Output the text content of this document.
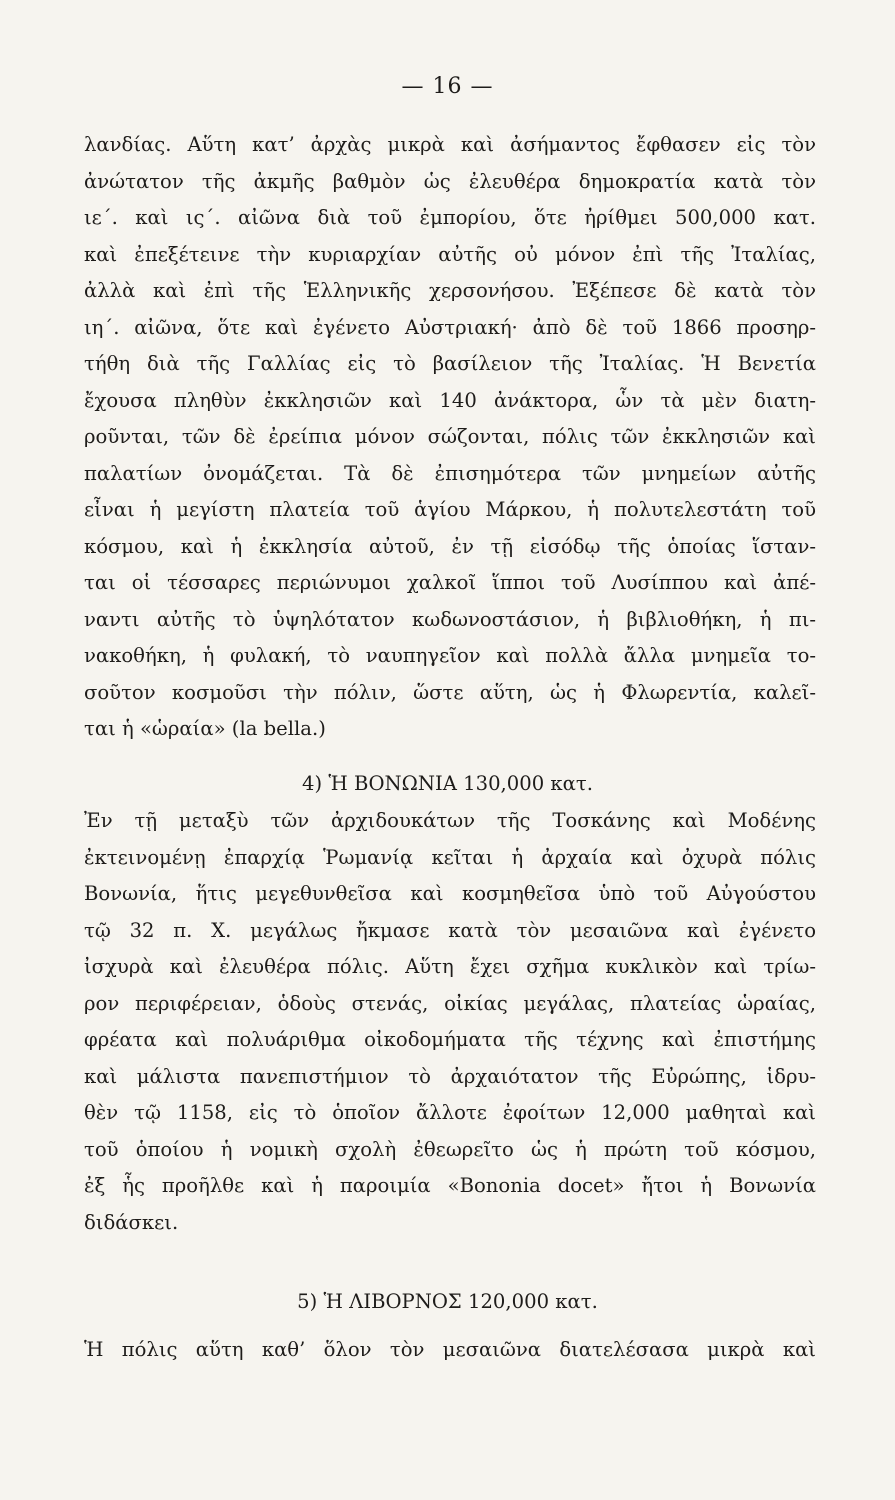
— 16 —
λανδίας. Αὕτη κατ’ ἀρχὰς μικρὰ καὶ ἀσήμαντος ἔφθασεν εἰς τὸν
ἀνώτατον τῆς ἀκμῆς βαθμὸν ὡς ἐλευθέρα δημοκρατία κατὰ τὸν
ιε΄. καὶ ις΄. αἰῶνα διὰ τοῦ ἐμπορίου, ὅτε ἠρίθμει 500,000 κατ.
καὶ ἐπεξέτεινε τὴν κυριαρχίαν αὐτῆς οὐ μόνον ἐπὶ τῆς Ἰταλίας,
ἀλλὰ καὶ ἐπὶ τῆς Ἑλληνικῆς χερσονήσου. Ἐξέπεσε δὲ κατὰ τὸν
ιη΄. αἰῶνα, ὅτε καὶ ἐγένετο Αὐστριακή· ἀπὸ δὲ τοῦ 1866 προσηρ-
τήθη διὰ τῆς Γαλλίας εἰς τὸ βασίλειον τῆς Ἰταλίας. Ἡ Βενετία
ἔχουσα πληθὺν ἐκκλησιῶν καὶ 140 ἀνάκτορα, ὧν τὰ μὲν διατη-
ροῦνται, τῶν δὲ ἐρείπια μόνον σώζονται, πόλις τῶν ἐκκλησιῶν καὶ
παλατίων ὀνομάζεται. Τὰ δὲ ἐπισημότερα τῶν μνημείων αὐτῆς
εἶναι ἡ μεγίστη πλατεία τοῦ ἁγίου Μάρκου, ἡ πολυτελεστάτη τοῦ
κόσμου, καὶ ἡ ἐκκλησία αὐτοῦ, ἐν τῇ εἰσόδῳ τῆς ὁποίας ἵσταν-
ται οἱ τέσσαρες περιώνυμοι χαλκοῖ ἵπποι τοῦ Λυσίππου καὶ ἀπέ-
ναντι αὐτῆς τὸ ὑψηλότατον κωδωνοστάσιον, ἡ βιβλιοθήκη, ἡ πι-
νακοθήκη, ἡ φυλακή, τὸ ναυπηγεῖον καὶ πολλὰ ἄλλα μνημεῖα το-
σοῦτον κοσμοῦσι τὴν πόλιν, ὥστε αὕτη, ὡς ἡ Φλωρεντία, καλεῖ-
ται ἡ «ὡραία» (la bella.)
4) Ἡ ΒΟΝΩΝΙΑ 130,000 κατ.
Ἐν τῇ μεταξὺ τῶν ἀρχιδουκάτων τῆς Τοσκάνης καὶ Μοδένης
ἐκτεινομένῃ ἐπαρχίᾳ Ῥωμανίᾳ κεῖται ἡ ἀρχαία καὶ ὀχυρὰ πόλις
Βονωνία, ἥτις μεγεθυνθεῖσα καὶ κοσμηθεῖσα ὑπὸ τοῦ Αὐγούστου
τῷ 32 π. Χ. μεγάλως ἤκμασε κατὰ τὸν μεσαιῶνα καὶ ἐγένετο
ἰσχυρὰ καὶ ἐλευθέρα πόλις. Αὕτη ἔχει σχῆμα κυκλικὸν καὶ τρίω-
ρον περιφέρειαν, ὁδοὺς στενάς, οἰκίας μεγάλας, πλατείας ὡραίας,
φρέατα καὶ πολυάριθμα οἰκοδομήματα τῆς τέχνης καὶ ἐπιστήμης
καὶ μάλιστα πανεπιστήμιον τὸ ἀρχαιότατον τῆς Εὐρώπης, ἱδρυ-
θὲν τῷ 1158, εἰς τὸ ὁποῖον ἄλλοτε ἐφοίτων 12,000 μαθηταὶ καὶ
τοῦ ὁποίου ἡ νομικὴ σχολὴ ἐθεωρεῖτο ὡς ἡ πρώτη τοῦ κόσμου,
ἐξ ἧς προῆλθε καὶ ἡ παροιμία «Bononia docet» ἤτοι ἡ Βονωνία
διδάσκει.
5) Ἡ ΛΙΒΟΡΝΟΣ 120,000 κατ.
Ἡ πόλις αὕτη καθ’ ὅλον τὸν μεσαιῶνα διατελέσασα μικρὰ καὶ
